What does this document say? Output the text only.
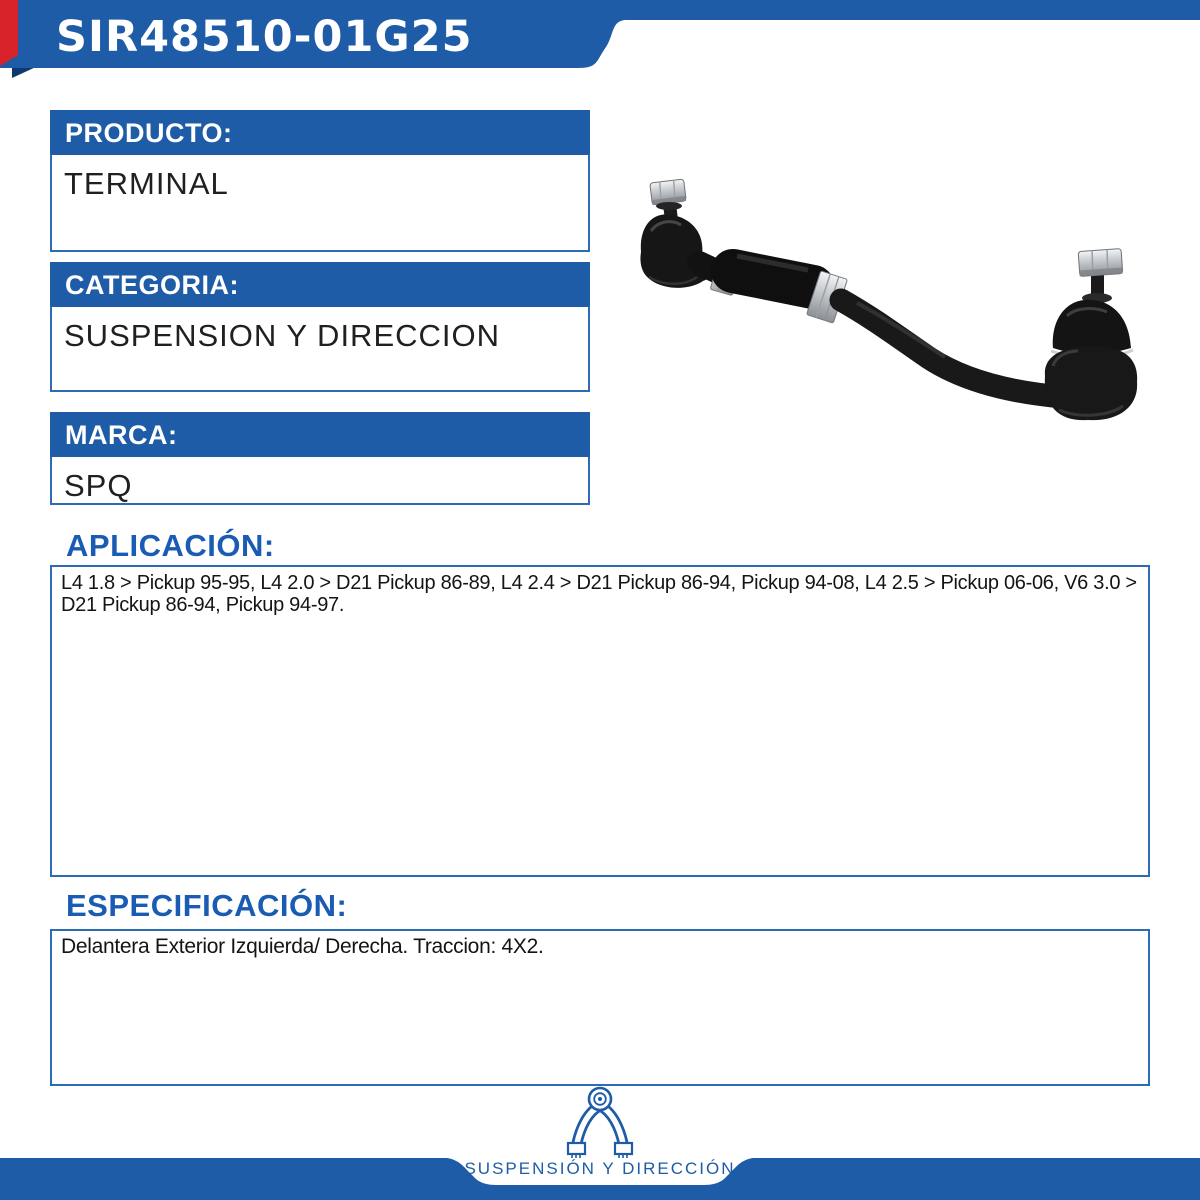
SIR48510-01G25
PRODUCTO:
TERMINAL
CATEGORIA:
SUSPENSION Y DIRECCION
MARCA:
SPQ
APLICACIÓN:
L4 1.8 > Pickup 95-95, L4 2.0 > D21 Pickup 86-89, L4 2.4 > D21 Pickup 86-94, Pickup 94-08, L4 2.5 > Pickup 06-06, V6 3.0 > D21 Pickup 86-94, Pickup 94-97.
ESPECIFICACIÓN:
Delantera Exterior Izquierda/ Derecha. Traccion: 4X2.
SUSPENSIÓN Y DIRECCIÓN
